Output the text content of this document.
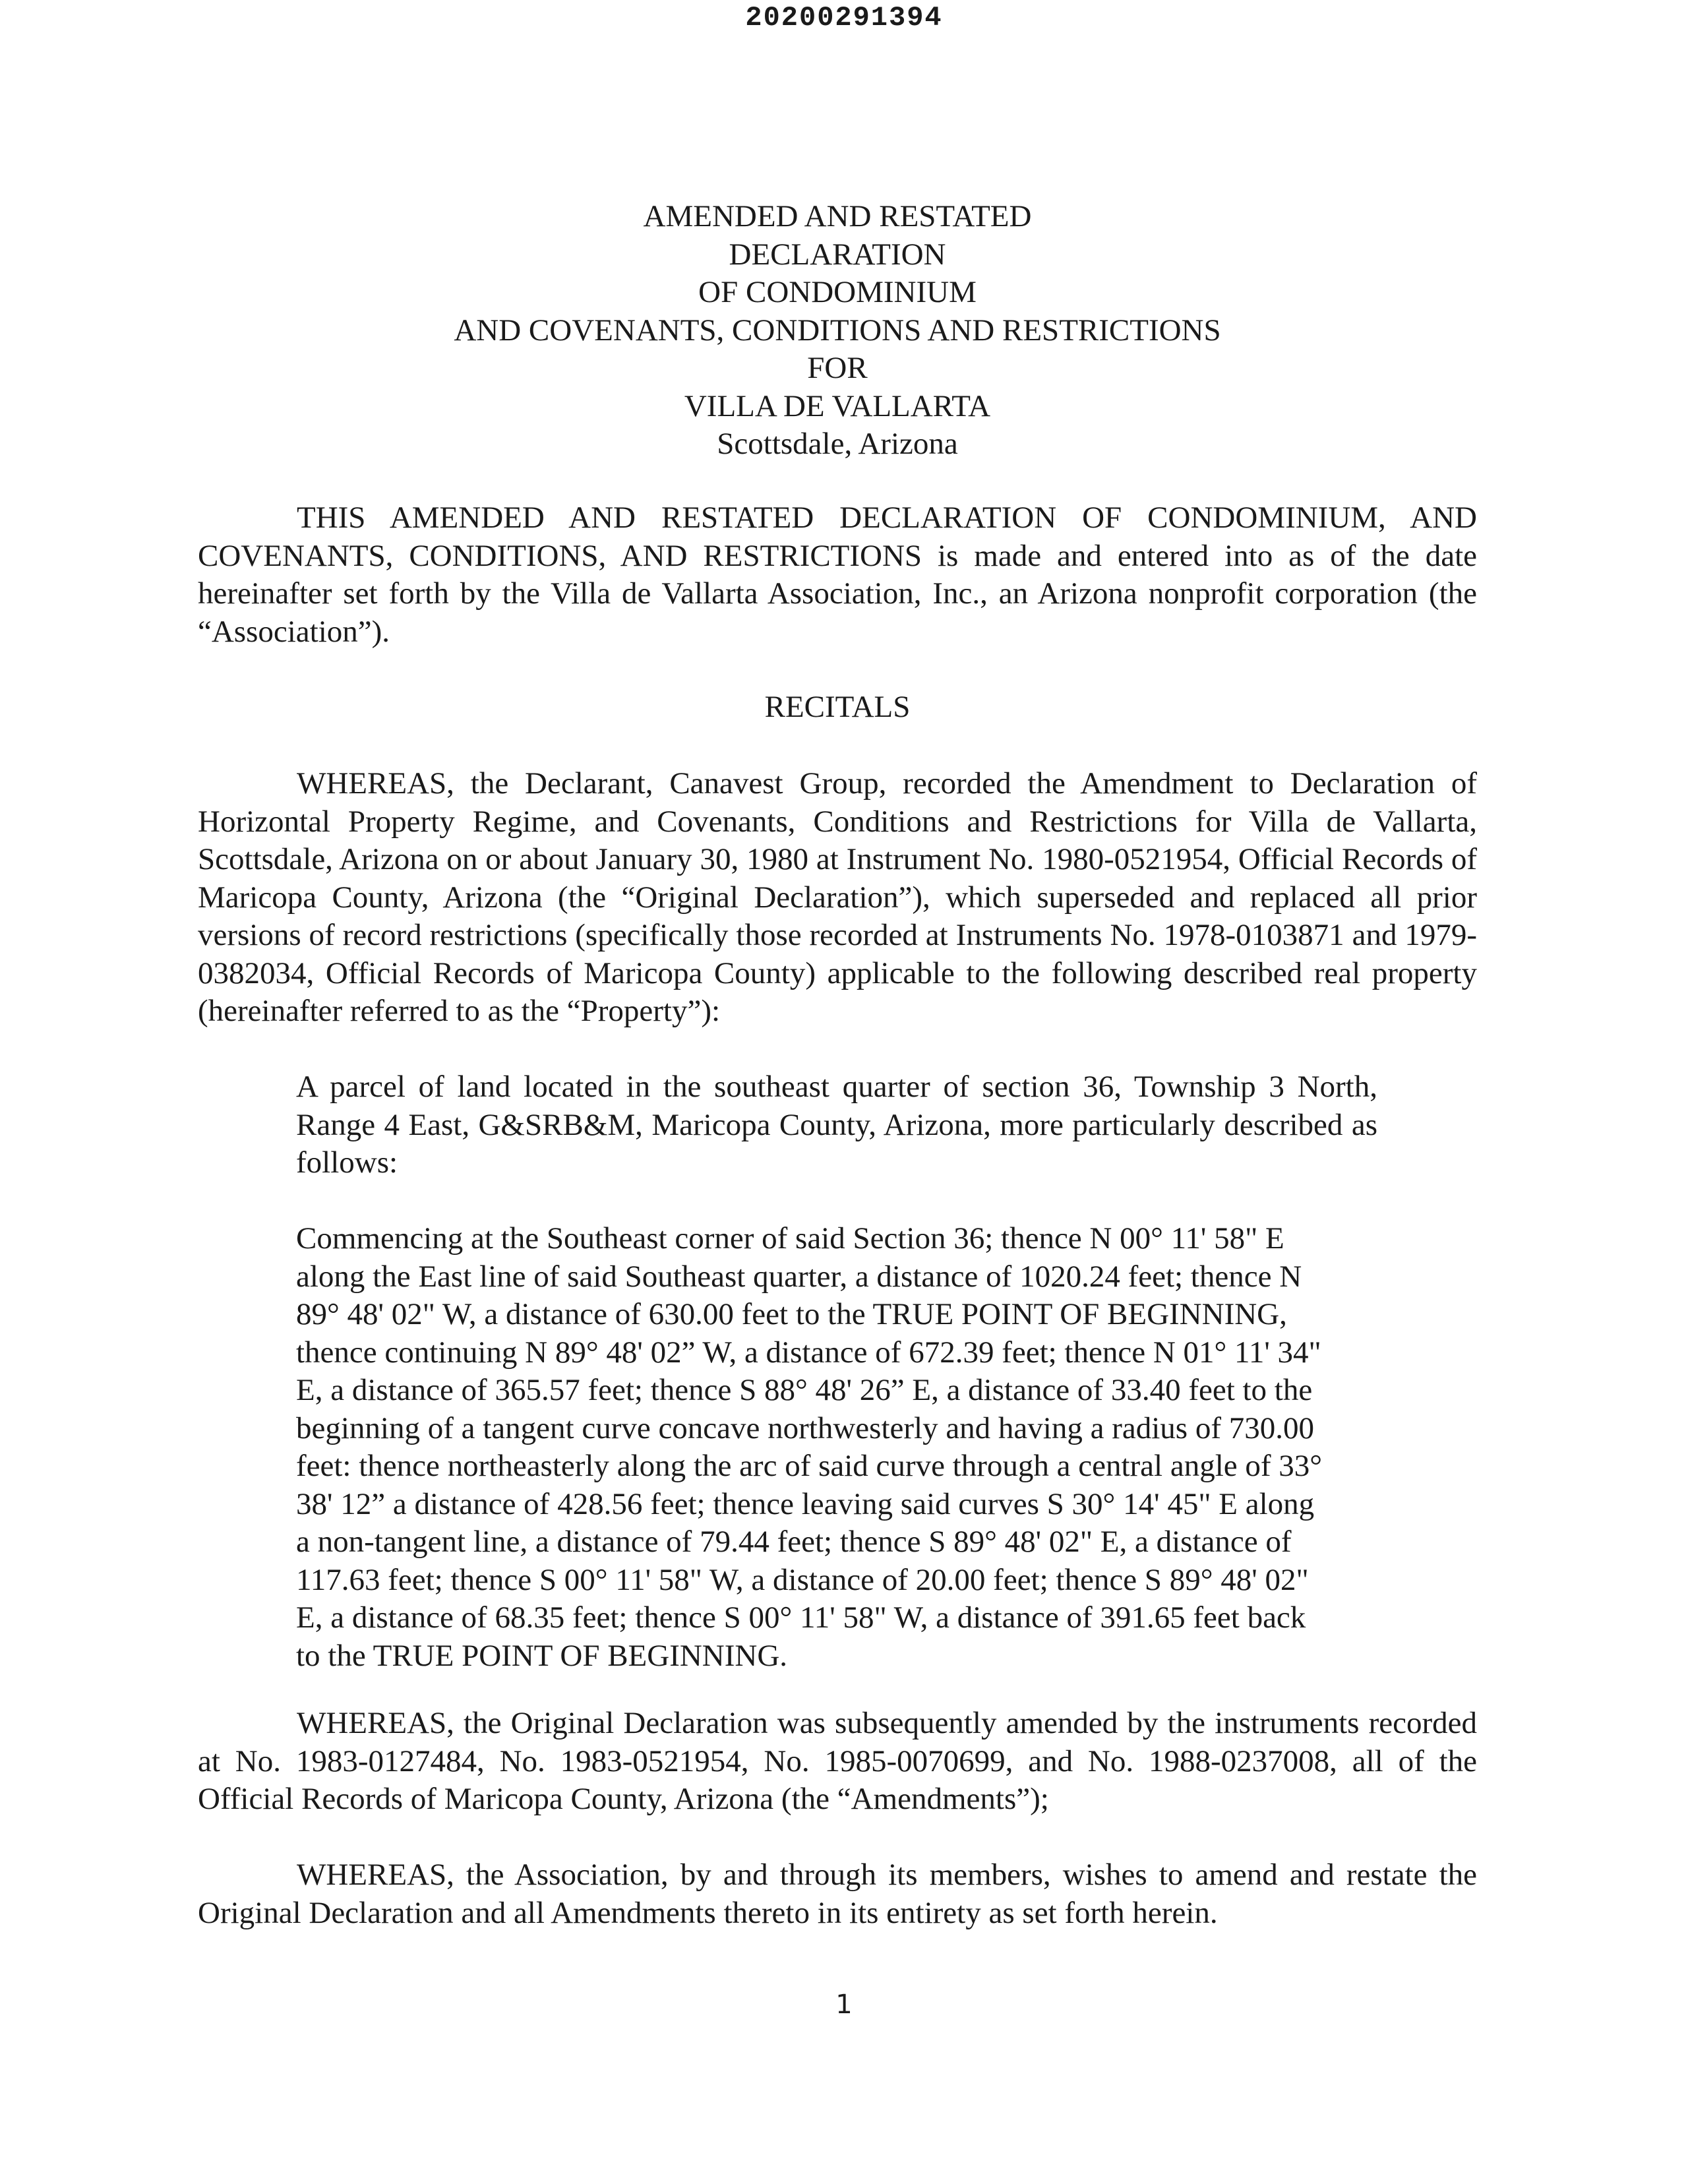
20200291394
AMENDED AND RESTATED
DECLARATION
OF CONDOMINIUM
AND COVENANTS, CONDITIONS AND RESTRICTIONS
FOR
VILLA DE VALLARTA
Scottsdale, Arizona

THIS AMENDED AND RESTATED DECLARATION OF CONDOMINIUM, AND COVENANTS, CONDITIONS, AND RESTRICTIONS is made and entered into as of the date hereinafter set forth by the Villa de Vallarta Association, Inc., an Arizona nonprofit corporation (the “Association”).

RECITALS

WHEREAS, the Declarant, Canavest Group, recorded the Amendment to Declaration of Horizontal Property Regime, and Covenants, Conditions and Restrictions for Villa de Vallarta, Scottsdale, Arizona on or about January 30, 1980 at Instrument No. 1980-0521954, Official Records of Maricopa County, Arizona (the “Original Declaration”), which superseded and replaced all prior versions of record restrictions (specifically those recorded at Instruments No. 1978-0103871 and 1979-0382034, Official Records of Maricopa County) applicable to the following described real property (hereinafter referred to as the “Property”):

A parcel of land located in the southeast quarter of section 36, Township 3 North, Range 4 East, G&SRB&M, Maricopa County, Arizona, more particularly described as follows:

Commencing at the Southeast corner of said Section 36; thence N 00° 11' 58" E
along the East line of said Southeast quarter, a distance of 1020.24 feet; thence N
89° 48' 02" W, a distance of 630.00 feet to the TRUE POINT OF BEGINNING,
thence continuing N 89° 48' 02” W, a distance of 672.39 feet; thence N 01° 11' 34"
E, a distance of 365.57 feet; thence S 88° 48' 26” E, a distance of 33.40 feet to the
beginning of a tangent curve concave northwesterly and having a radius of 730.00
feet: thence northeasterly along the arc of said curve through a central angle of 33°
38' 12” a distance of 428.56 feet; thence leaving said curves S 30° 14' 45" E along
a non-tangent line, a distance of 79.44 feet; thence S 89° 48' 02" E, a distance of
117.63 feet; thence S 00° 11' 58" W, a distance of 20.00 feet; thence S 89° 48' 02"
E, a distance of 68.35 feet; thence S 00° 11' 58" W, a distance of 391.65 feet back
to the TRUE POINT OF BEGINNING.

WHEREAS, the Original Declaration was subsequently amended by the instruments recorded at No. 1983-0127484, No. 1983-0521954, No. 1985-0070699, and No. 1988-0237008, all of the Official Records of Maricopa County, Arizona (the “Amendments”);

WHEREAS, the Association, by and through its members, wishes to amend and restate the Original Declaration and all Amendments thereto in its entirety as set forth herein.

1
